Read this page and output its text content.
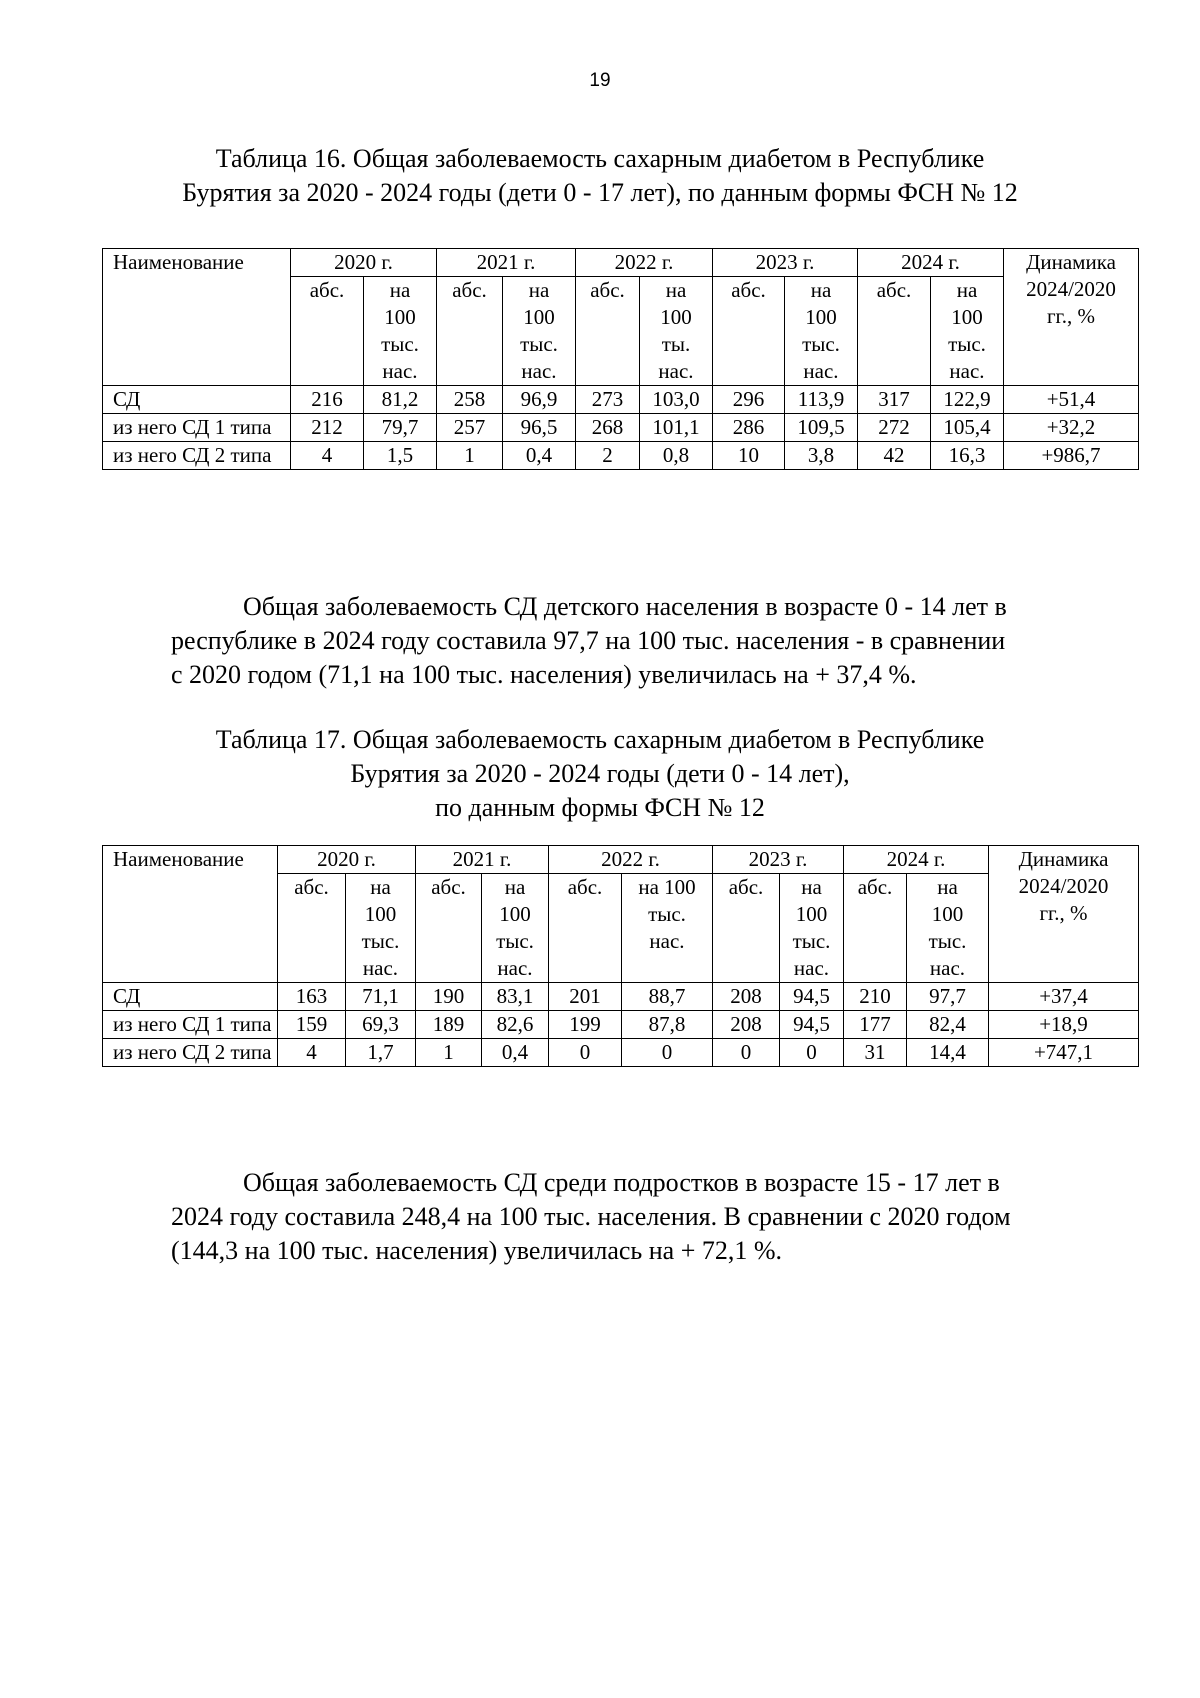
19
Таблица 16. Общая заболеваемость сахарным диабетом в Республике
Бурятия за 2020 - 2024 годы (дети 0 - 17 лет), по данным формы ФСН № 12
Наименование	2020 г.		2021 г.		2022 г.		2023 г.		2024 г.		Динамика 2024/2020 гг., %
	абс.	на 100 тыс. нас.	абс.	на 100 тыс. нас.	абс.	на 100 ты. нас.	абс.	на 100 тыс. нас.	абс.	на 100 тыс. нас.	
СД	216	81,2	258	96,9	273	103,0	296	113,9	317	122,9	+51,4
из него СД 1 типа	212	79,7	257	96,5	268	101,1	286	109,5	272	105,4	+32,2
из него СД 2 типа	4	1,5	1	0,4	2	0,8	10	3,8	42	16,3	+986,7

Общая заболеваемость СД детского населения в возрасте 0 - 14 лет в

республике в 2024 году составила 97,7 на 100 тыс. населения - в сравнении

с 2020 годом (71,1 на 100 тыс. населения) увеличилась на + 37,4 %.

Таблица 17. Общая заболеваемость сахарным диабетом в Республике
Бурятия за 2020 - 2024 годы (дети 0 - 14 лет),
по данным формы ФСН № 12
Наименование	2020 г.		2021 г.		2022 г.		2023 г.		2024 г.		Динамика 2024/2020 гг., %
	абс.	на 100 тыс. нас.	абс.	на 100 тыс. нас.	абс.	на 100 тыс. нас.	абс.	на 100 тыс. нас.	абс.	на 100 тыс. нас.	
СД	163	71,1	190	83,1	201	88,7	208	94,5	210	97,7	+37,4
из него СД 1 типа	159	69,3	189	82,6	199	87,8	208	94,5	177	82,4	+18,9
из него СД 2 типа	4	1,7	1	0,4	0	0	0	0	31	14,4	+747,1

Общая заболеваемость СД среди подростков в возрасте 15 - 17 лет в

2024 году составила 248,4 на 100 тыс. населения. В сравнении с 2020 годом

(144,3 на 100 тыс. населения) увеличилась на + 72,1 %.
